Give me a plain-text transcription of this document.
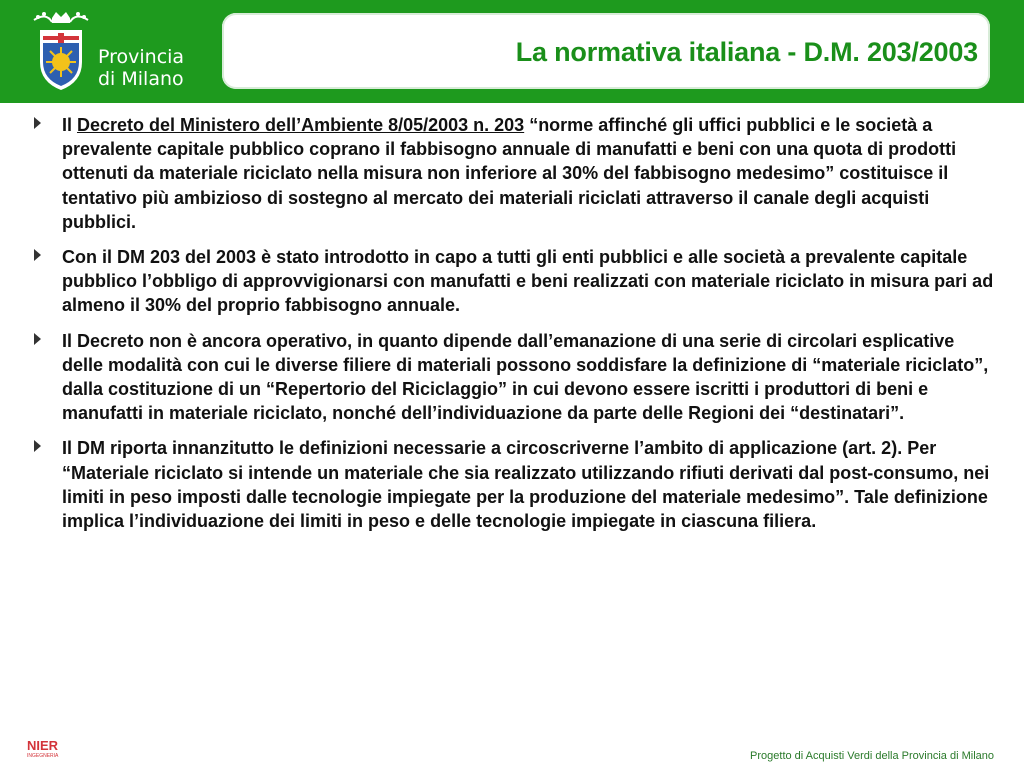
Provincia
di Milano
La normativa italiana - D.M. 203/2003

Il Decreto del Ministero dell’Ambiente 8/05/2003 n. 203 “norme affinché gli uffici pubblici e le società a prevalente capitale pubblico coprano il fabbisogno annuale di manufatti e beni con una quota di prodotti ottenuti da materiale riciclato nella misura non inferiore al 30% del fabbisogno medesimo” costituisce il tentativo più ambizioso di sostegno al mercato dei materiali riciclati attraverso il canale degli acquisti pubblici.

Con il DM 203 del 2003 è stato introdotto in capo a tutti gli enti pubblici e alle società a prevalente capitale pubblico l’obbligo di approvvigionarsi con manufatti e beni realizzati con materiale riciclato in misura pari ad almeno il 30% del proprio fabbisogno annuale.

Il Decreto non è ancora operativo, in quanto dipende dall’emanazione di una serie di circolari esplicative delle modalità con cui le diverse filiere di materiali possono soddisfare la definizione di “materiale riciclato”, dalla costituzione di un “Repertorio del Riciclaggio” in cui devono essere iscritti i produttori di beni e manufatti in materiale riciclato, nonché dell’individuazione da parte delle Regioni dei “destinatari”.

Il DM riporta innanzitutto le definizioni necessarie a circoscriverne l’ambito di applicazione (art. 2). Per “Materiale riciclato si intende un materiale che sia realizzato utilizzando rifiuti derivati dal post-consumo, nei limiti in peso imposti dalle tecnologie impiegate per la produzione del materiale medesimo”. Tale definizione implica l’individuazione dei limiti in peso e delle tecnologie impiegate in ciascuna filiera.

NIER
INGEGNERIA	Progetto di Acquisti Verdi della Provincia di Milano
